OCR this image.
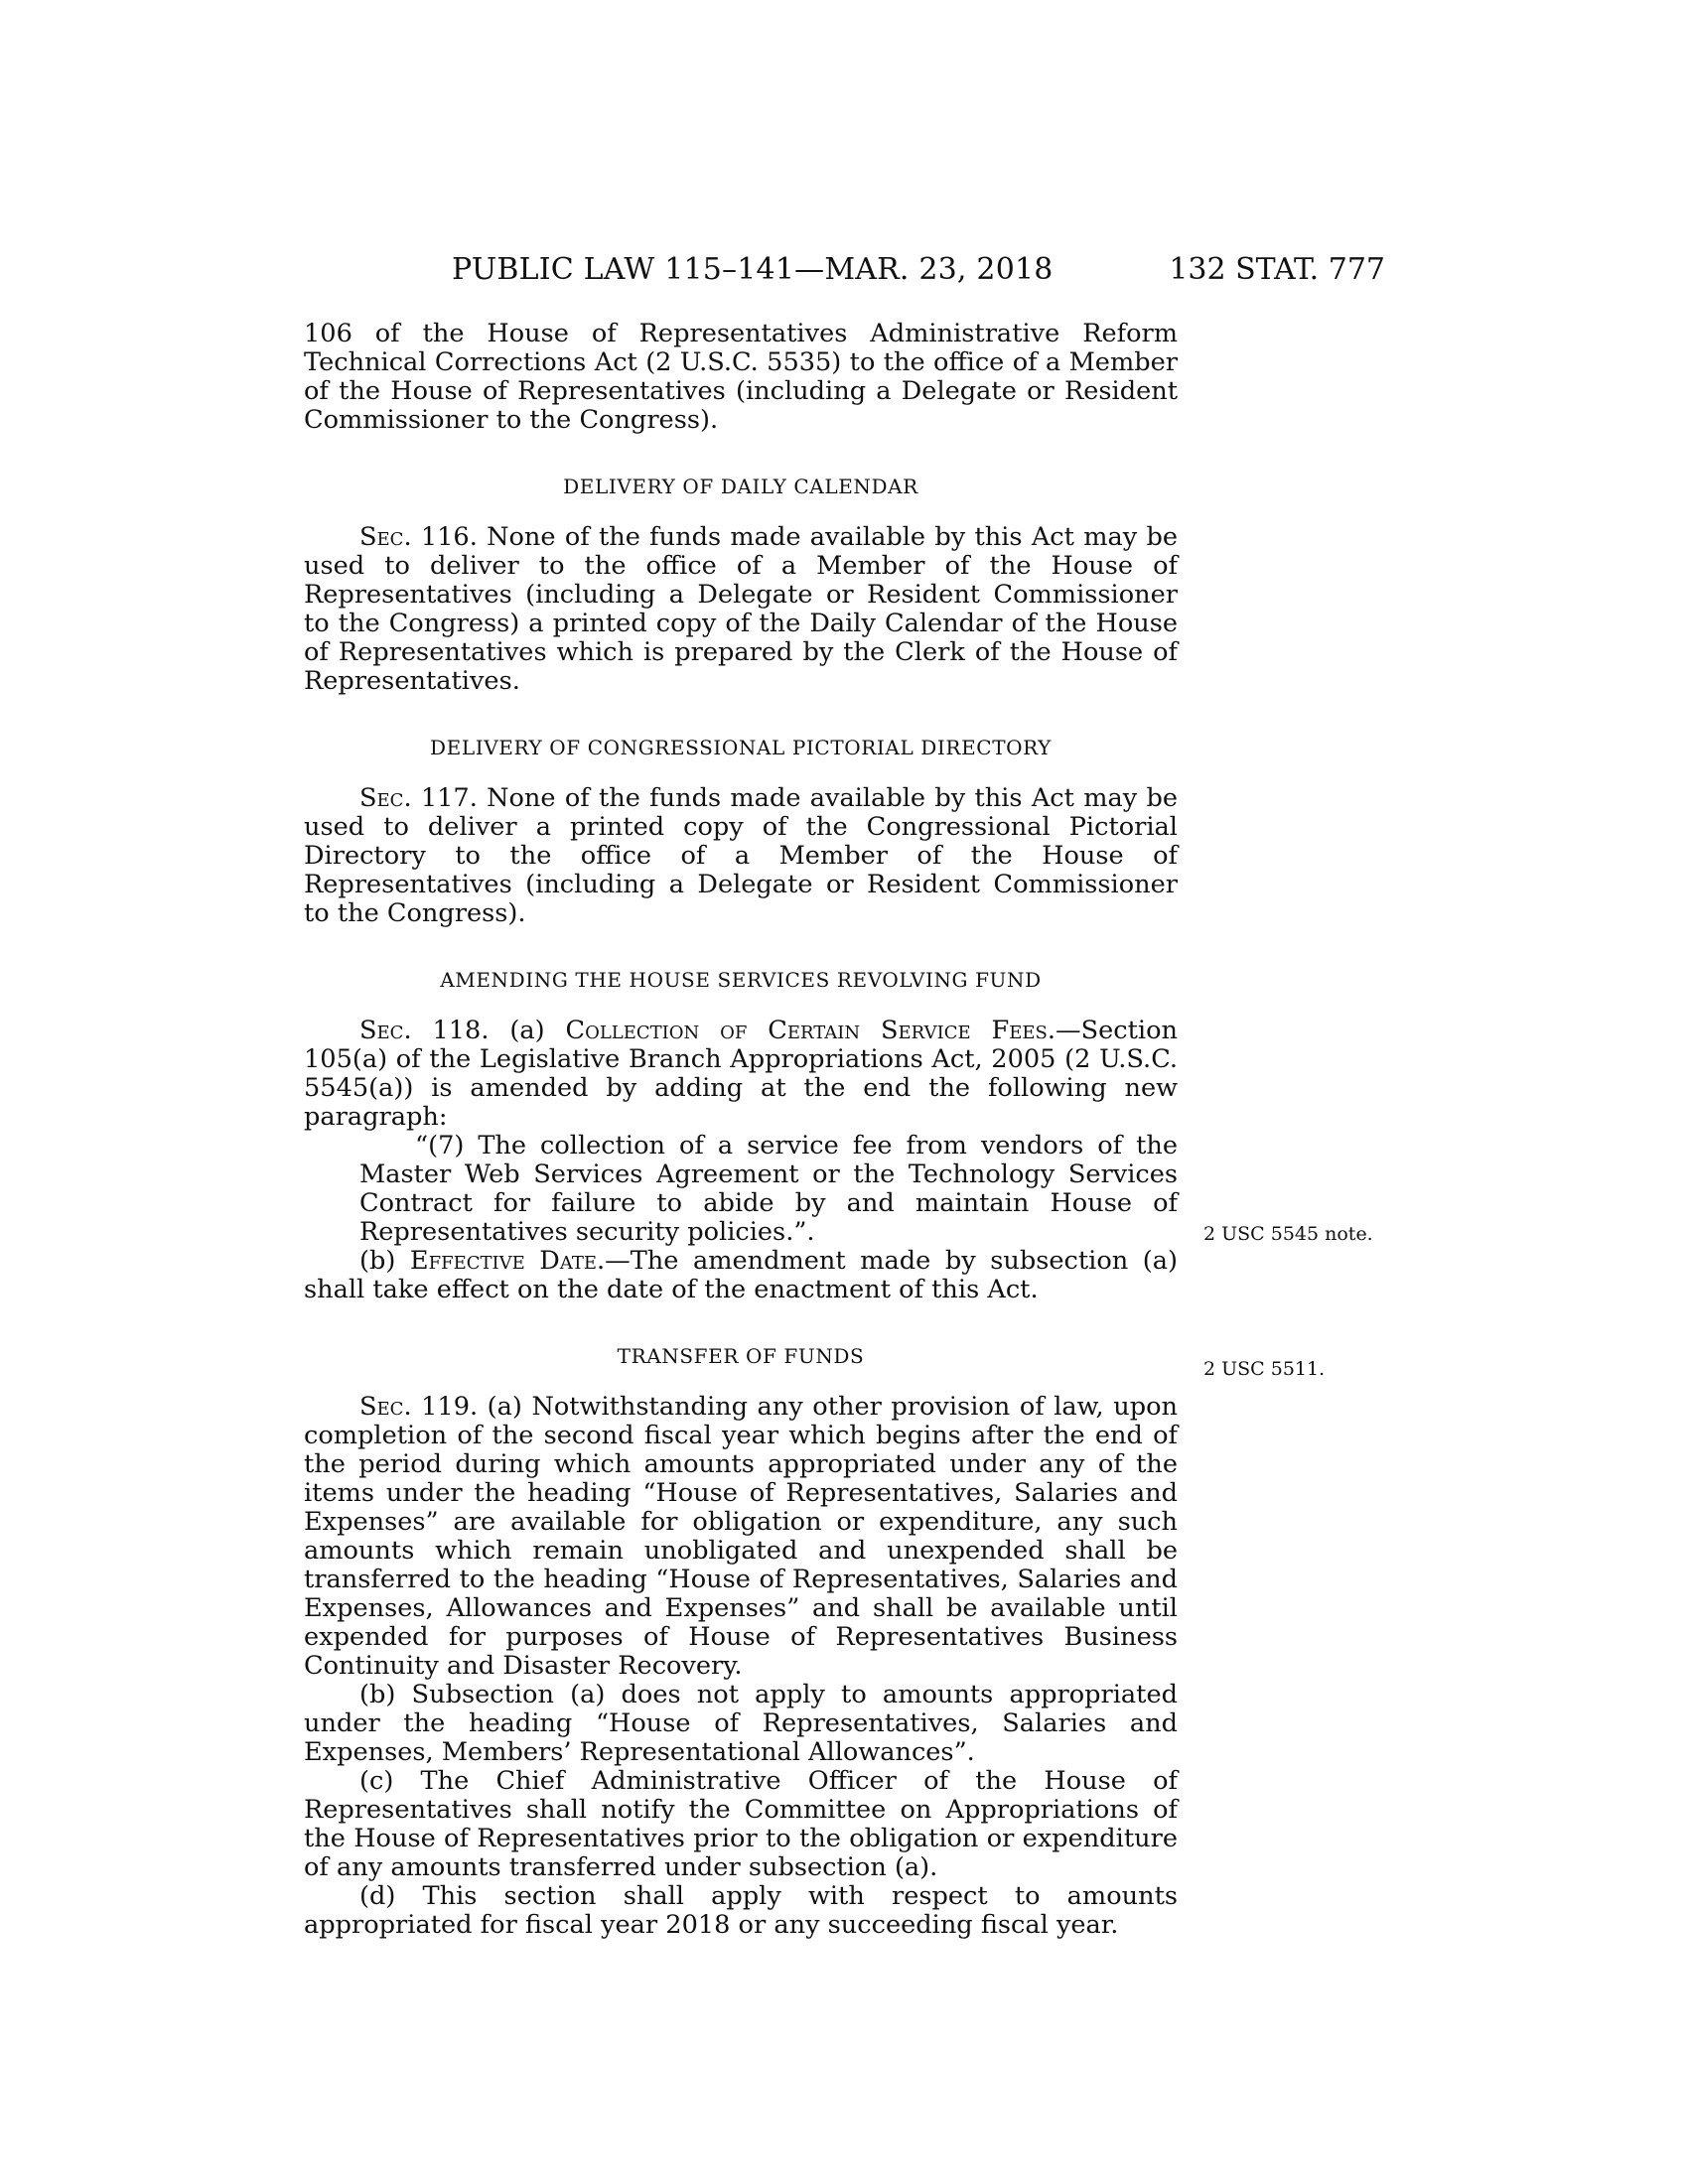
PUBLIC LAW 115–141—MAR. 23, 2018	132 STAT. 777

106 of the House of Representatives Administrative Reform Technical Corrections Act (2 U.S.C. 5535) to the office of a Member of the House of Representatives (including a Delegate or Resident Commissioner to the Congress).

DELIVERY OF DAILY CALENDAR

Sec. 116. None of the funds made available by this Act may be used to deliver to the office of a Member of the House of Representatives (including a Delegate or Resident Commissioner to the Congress) a printed copy of the Daily Calendar of the House of Representatives which is prepared by the Clerk of the House of Representatives.

DELIVERY OF CONGRESSIONAL PICTORIAL DIRECTORY

Sec. 117. None of the funds made available by this Act may be used to deliver a printed copy of the Congressional Pictorial Directory to the office of a Member of the House of Representatives (including a Delegate or Resident Commissioner to the Congress).

AMENDING THE HOUSE SERVICES REVOLVING FUND

Sec. 118. (a) Collection of Certain Service Fees.—Section 105(a) of the Legislative Branch Appropriations Act, 2005 (2 U.S.C. 5545(a)) is amended by adding at the end the following new paragraph:

“(7) The collection of a service fee from vendors of the Master Web Services Agreement or the Technology Services Contract for failure to abide by and maintain House of Representatives security policies.”.

(b) Effective Date.—The amendment made by subsection (a) shall take effect on the date of the enactment of this Act.

TRANSFER OF FUNDS

Sec. 119. (a) Notwithstanding any other provision of law, upon completion of the second fiscal year which begins after the end of the period during which amounts appropriated under any of the items under the heading “House of Representatives, Salaries and Expenses” are available for obligation or expenditure, any such amounts which remain unobligated and unexpended shall be transferred to the heading “House of Representatives, Salaries and Expenses, Allowances and Expenses” and shall be available until expended for purposes of House of Representatives Business Continuity and Disaster Recovery.

(b) Subsection (a) does not apply to amounts appropriated under the heading “House of Representatives, Salaries and Expenses, Members’ Representational Allowances”.

(c) The Chief Administrative Officer of the House of Representatives shall notify the Committee on Appropriations of the House of Representatives prior to the obligation or expenditure of any amounts transferred under subsection (a).

(d) This section shall apply with respect to amounts appropriated for fiscal year 2018 or any succeeding fiscal year.

2 USC 5545 note.
2 USC 5511.
